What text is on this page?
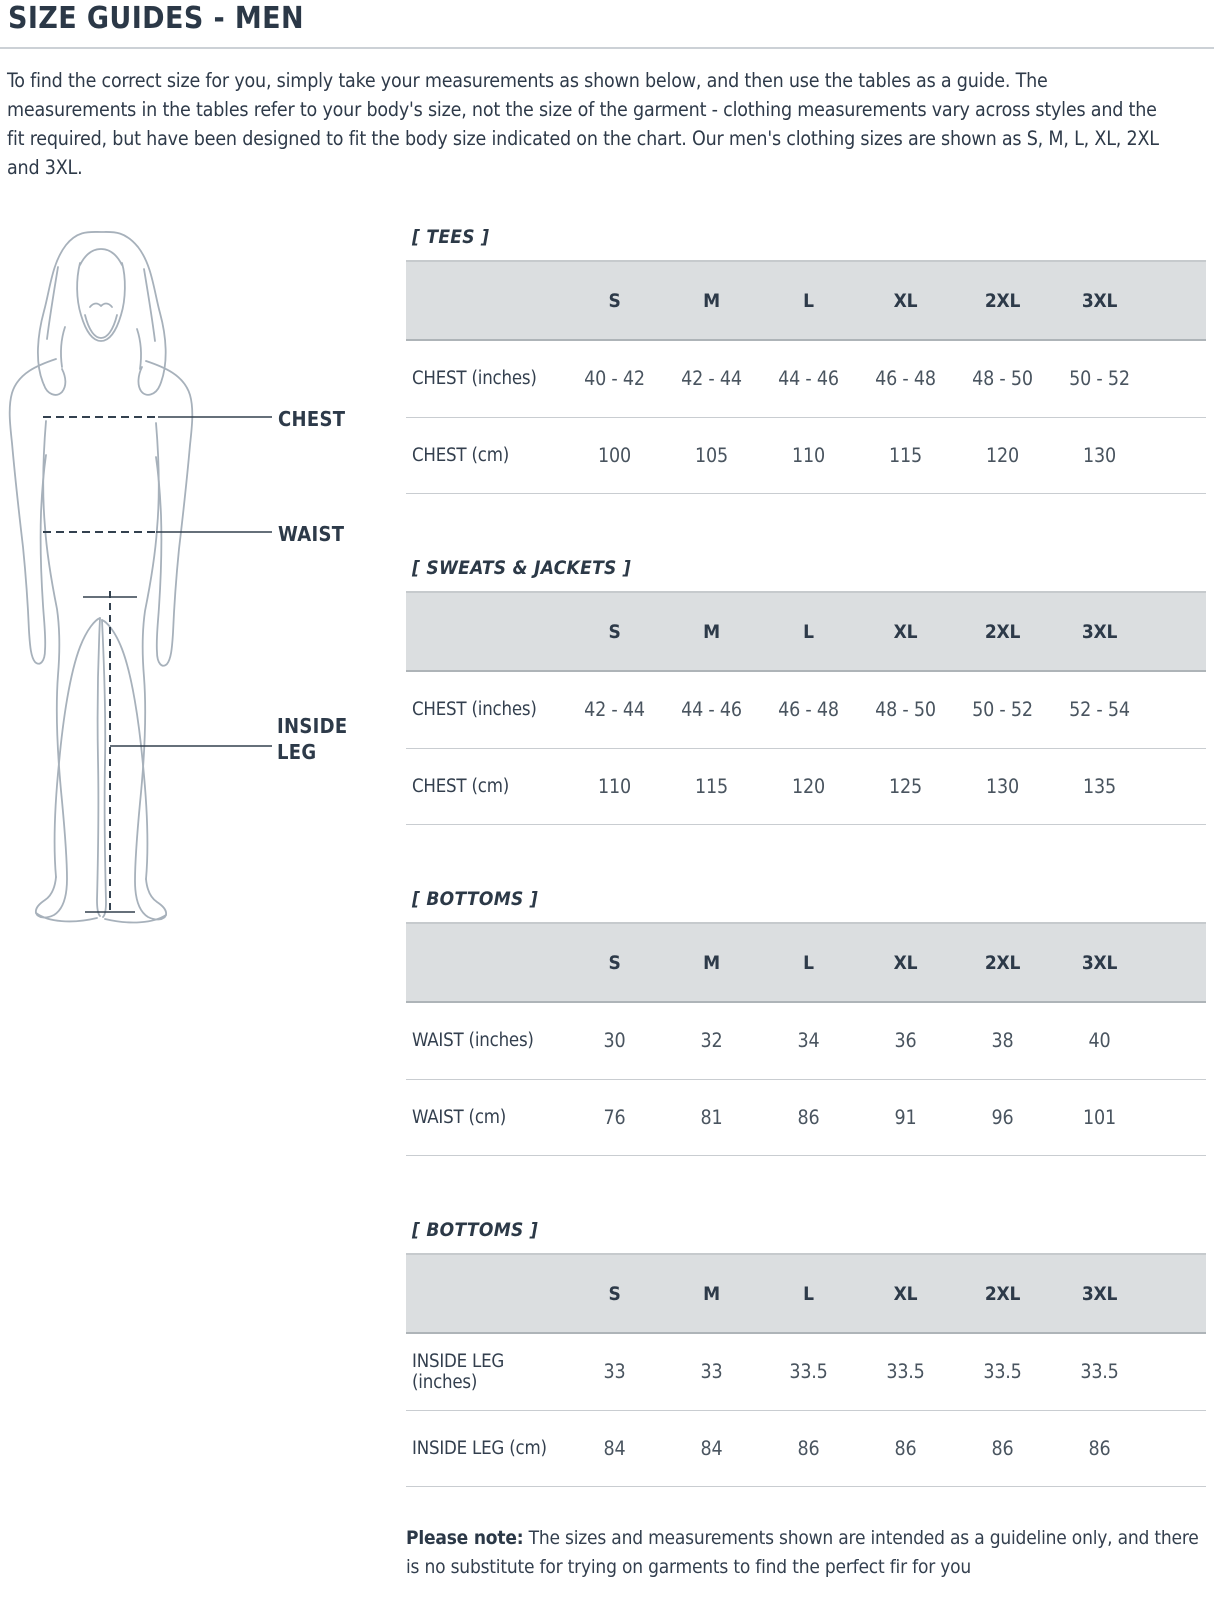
SIZE GUIDES - MEN

To find the correct size for you, simply take your measurements as shown below, and then use the tables as a guide. The measurements in the tables refer to your body's size, not the size of the garment - clothing measurements vary across styles and the fit required, but have been designed to fit the body size indicated on the chart. Our men's clothing sizes are shown as S, M, L, XL, 2XL and 3XL.

CHEST
WAIST
INSIDE LEG
[ TEES ]
S	M	L	XL	2XL	3XL
CHEST (inches)	40 - 42	42 - 44	44 - 46	46 - 48	48 - 50	50 - 52
CHEST (cm)	100	105	110	115	120	130
[ SWEATS & JACKETS ]
S	M	L	XL	2XL	3XL
CHEST (inches)	42 - 44	44 - 46	46 - 48	48 - 50	50 - 52	52 - 54
CHEST (cm)	110	115	120	125	130	135
[ BOTTOMS ]
S	M	L	XL	2XL	3XL
WAIST (inches)	30	32	34	36	38	40
WAIST (cm)	76	81	86	91	96	101
[ BOTTOMS ]
S	M	L	XL	2XL	3XL
INSIDE LEG (inches)	33	33	33.5	33.5	33.5	33.5
INSIDE LEG (cm)	84	84	86	86	86	86

Please note: The sizes and measurements shown are intended as a guideline only, and there is no substitute for trying on garments to find the perfect fir for you
